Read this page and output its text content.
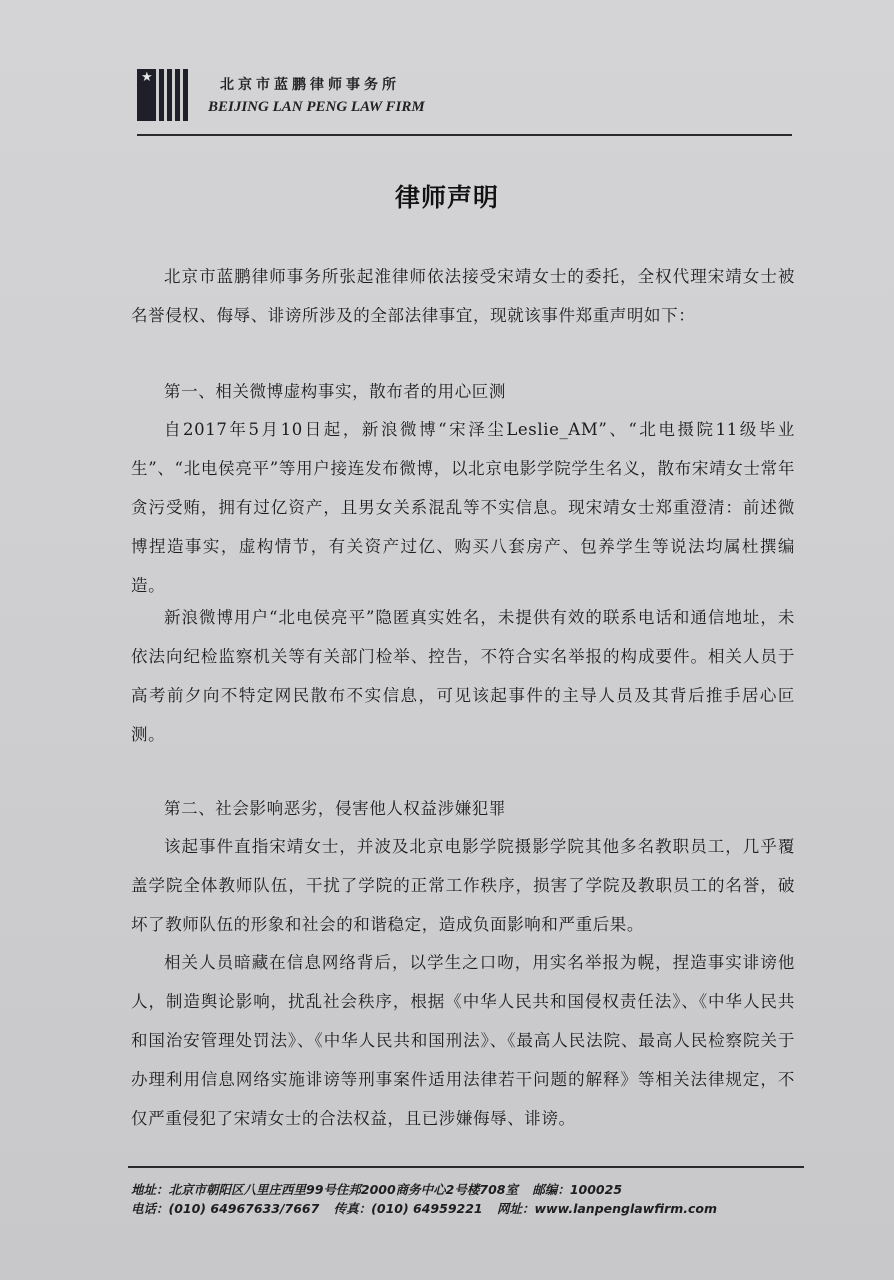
★	北京市蓝鹏律师事务所
BEIJING LAN PENG LAW FIRM
律师声明
北京市蓝鹏律师事务所张起淮律师依法接受宋靖女士的委托，全权代理宋靖女士被名誉侵权、侮辱、诽谤所涉及的全部法律事宜，现就该事件郑重声明如下：
第一、相关微博虚构事实，散布者的用心叵测
自2017年5月10日起，新浪微博“宋泽尘Leslie_AM”、“北电摄院11级毕业生”、“北电侯亮平”等用户接连发布微博，以北京电影学院学生名义，散布宋靖女士常年贪污受贿，拥有过亿资产，且男女关系混乱等不实信息。现宋靖女士郑重澄清：前述微博捏造事实，虚构情节，有关资产过亿、购买八套房产、包养学生等说法均属杜撰编造。
新浪微博用户“北电侯亮平”隐匿真实姓名，未提供有效的联系电话和通信地址，未依法向纪检监察机关等有关部门检举、控告，不符合实名举报的构成要件。相关人员于高考前夕向不特定网民散布不实信息，可见该起事件的主导人员及其背后推手居心叵测。
第二、社会影响恶劣，侵害他人权益涉嫌犯罪
该起事件直指宋靖女士，并波及北京电影学院摄影学院其他多名教职员工，几乎覆盖学院全体教师队伍，干扰了学院的正常工作秩序，损害了学院及教职员工的名誉，破坏了教师队伍的形象和社会的和谐稳定，造成负面影响和严重后果。
相关人员暗藏在信息网络背后，以学生之口吻，用实名举报为幌，捏造事实诽谤他人，制造舆论影响，扰乱社会秩序，根据《中华人民共和国侵权责任法》、《中华人民共和国治安管理处罚法》、《中华人民共和国刑法》、《最高人民法院、最高人民检察院关于办理利用信息网络实施诽谤等刑事案件适用法律若干问题的解释》等相关法律规定，不仅严重侵犯了宋靖女士的合法权益，且已涉嫌侮辱、诽谤。
地址：北京市朝阳区八里庄西里99号住邦2000商务中心2号楼708室 邮编：100025
电话：(010) 64967633/7667 传真：(010) 64959221 网址：www.lanpenglawfirm.com
